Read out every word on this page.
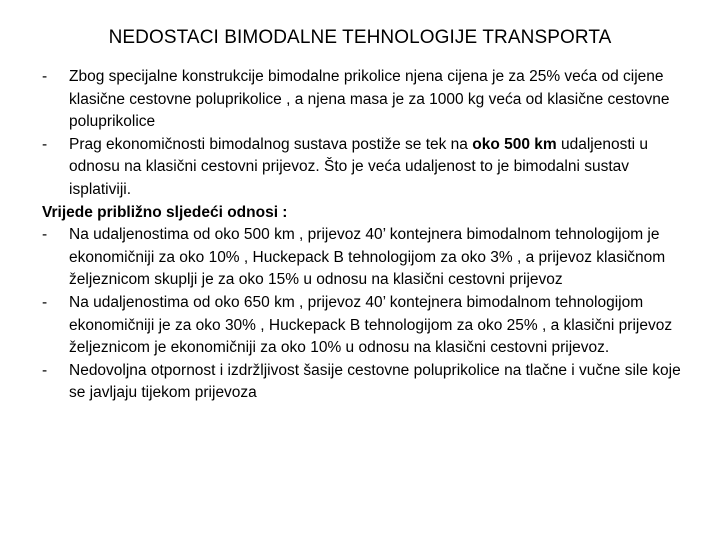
NEDOSTACI BIMODALNE TEHNOLOGIJE TRANSPORTA
- Zbog specijalne konstrukcije bimodalne prikolice njena cijena je za 25% veća od cijene klasične cestovne poluprikolice , a njena masa je za 1000 kg veća od klasične cestovne poluprikolice
- Prag ekonomičnosti bimodalnog sustava postiže se tek na oko 500 km udaljenosti u odnosu na klasični cestovni prijevoz. Što je veća udaljenost to je bimodalni sustav isplativiji.
Vrijede približno sljedeći odnosi :
- Na udaljenostima od oko 500 km , prijevoz 40’ kontejnera bimodalnom tehnologijom je ekonomičniji za oko 10% , Huckepack B tehnologijom za oko 3% , a prijevoz klasičnom željeznicom skuplji je za oko 15% u odnosu na klasični cestovni prijevoz
- Na udaljenostima od oko 650 km , prijevoz 40’ kontejnera bimodalnom tehnologijom ekonomičniji je za oko 30% , Huckepack B tehnologijom za oko 25% , a klasični prijevoz željeznicom je ekonomičniji za oko 10% u odnosu na klasični cestovni prijevoz.
- Nedovoljna otpornost i izdržljivost šasije cestovne poluprikolice na tlačne i vučne sile koje se javljaju tijekom prijevoza
